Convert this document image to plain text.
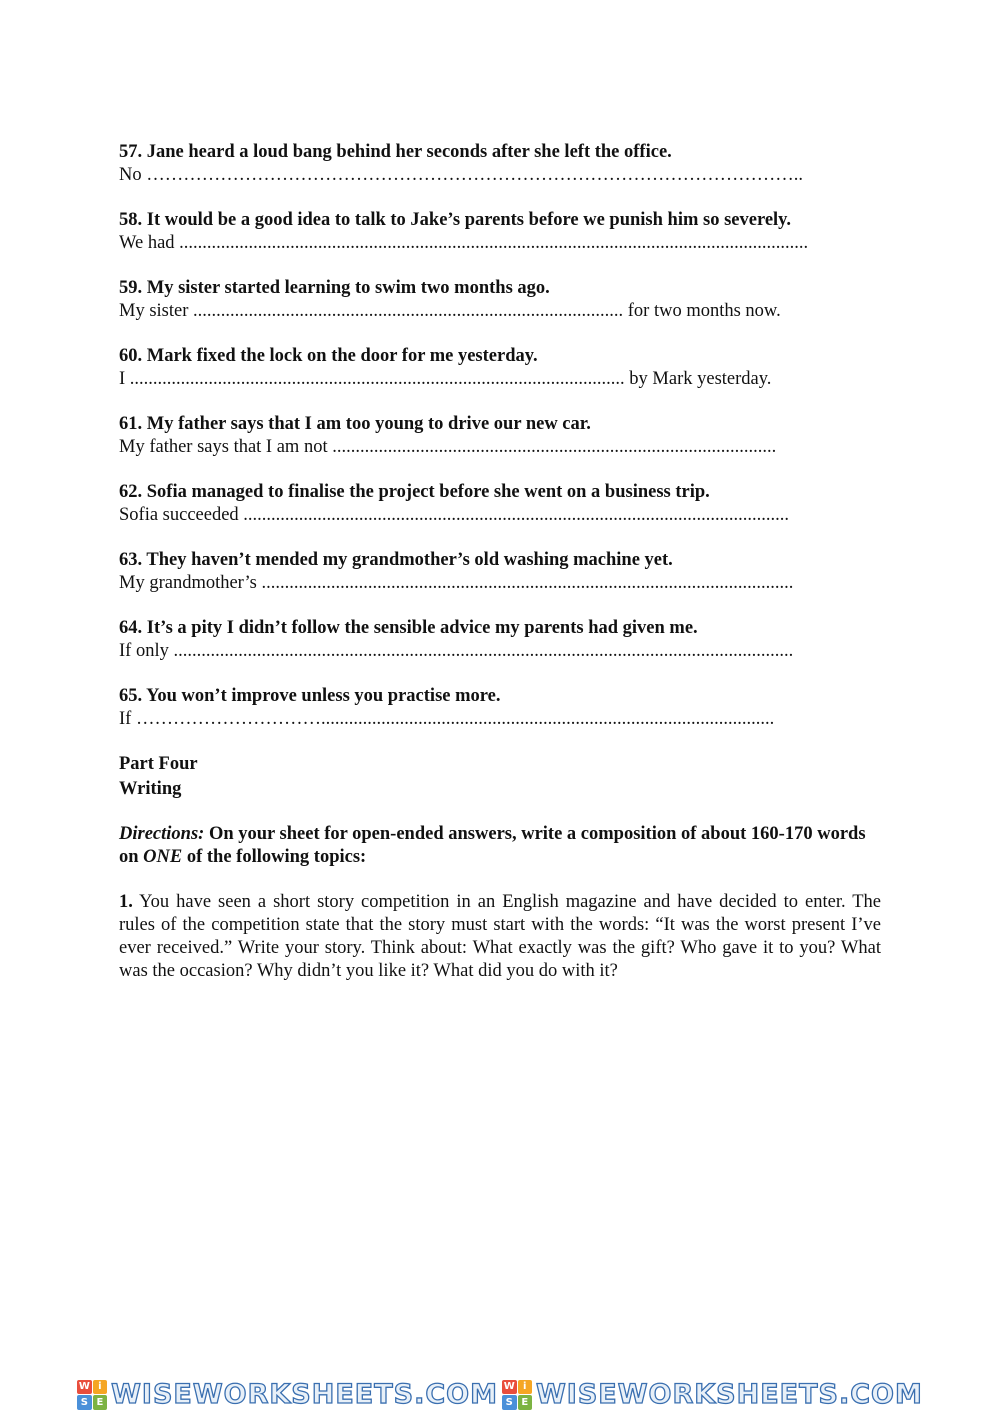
57. Jane heard a loud bang behind her seconds after she left the office.
No ……………………………………………………………………………………………..
58. It would be a good idea to talk to Jake’s parents before we punish him so severely.
We had ........................................................................................................................................
59. My sister started learning to swim two months ago.
My sister ............................................................................................. for two months now.
60. Mark fixed the lock on the door for me yesterday.
I ........................................................................................................... by Mark yesterday.
61. My father says that I am too young to drive our new car.
My father says that I am not ................................................................................................
62. Sofia managed to finalise the project before she went on a business trip.
Sofia succeeded ......................................................................................................................
63. They haven’t mended my grandmother’s old washing machine yet.
My grandmother’s ...................................................................................................................
64. It’s a pity I didn’t follow the sensible advice my parents had given me.
If only ......................................................................................................................................
65. You won’t improve unless you practise more.
If …………………………..................................................................................................
Part Four
Writing
Directions: On your sheet for open-ended answers, write a composition of about 160-170 words on ONE of the following topics:
1. You have seen a short story competition in an English magazine and have decided to enter. The rules of the competition state that the story must start with the words: “It was the worst present I’ve ever received.” Write your story. Think about: What exactly was the gift? Who gave it to you? What was the occasion? Why didn’t you like it? What did you do with it?
W i
S E WISEWORKSHEETS.COM W i
S E WISEWORKSHEETS.COM
